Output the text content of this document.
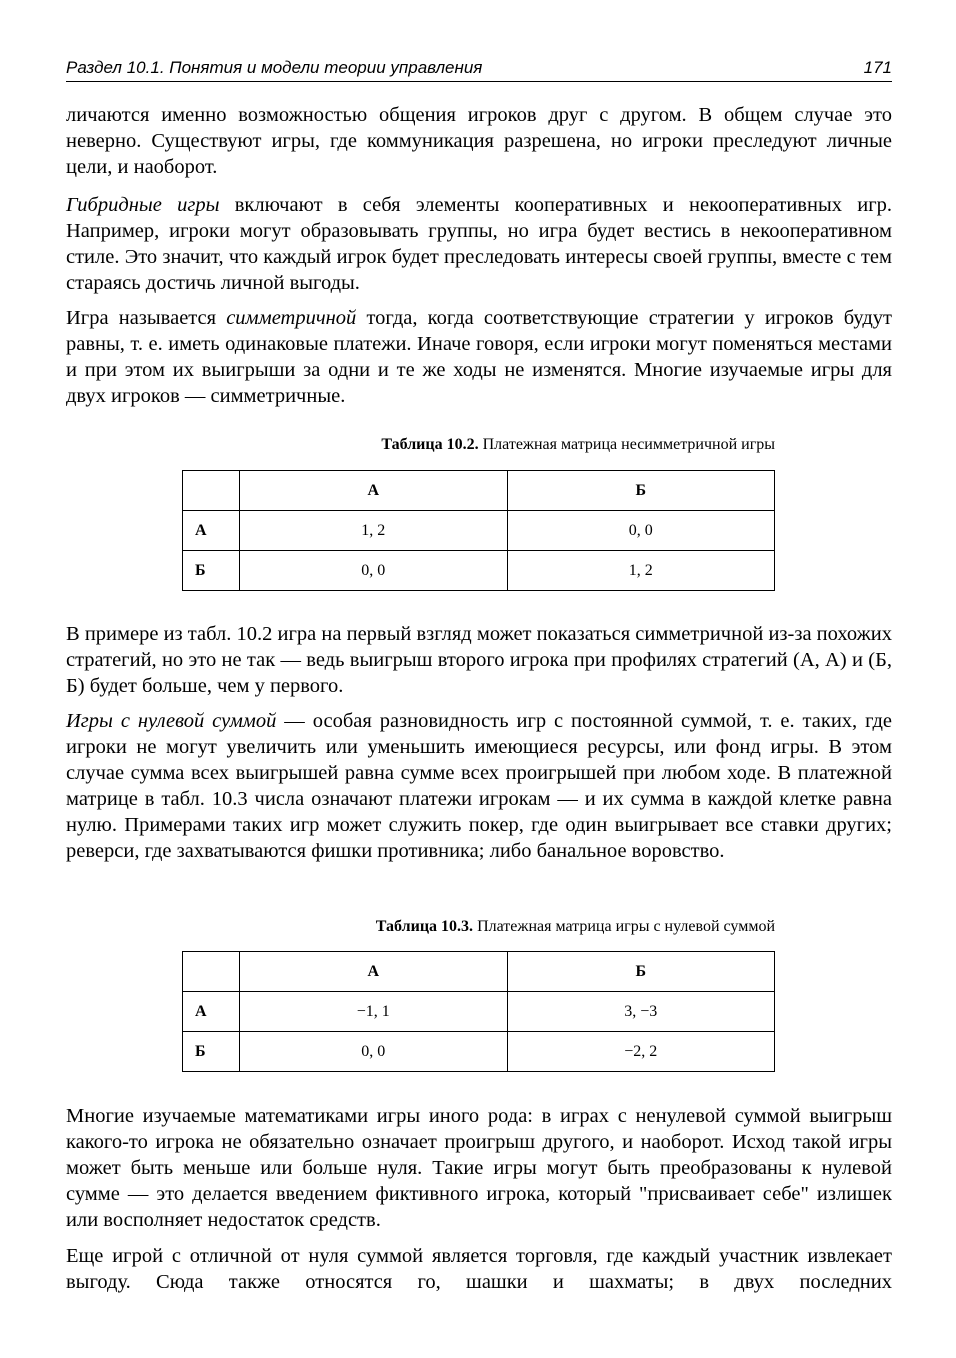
Раздел 10.1. Понятия и модели теории управления	171

личаются именно возможностью общения игроков друг с другом. В общем случае это неверно. Существуют игры, где коммуникация разрешена, но игроки преследуют личные цели, и наоборот.

Гибридные игры включают в себя элементы кооперативных и некооперативных игр. Например, игроки могут образовывать группы, но игра будет вестись в некооперативном стиле. Это значит, что каждый игрок будет преследовать интересы своей группы, вместе с тем стараясь достичь личной выгоды.

Игра называется симметричной тогда, когда соответствующие стратегии у игроков будут равны, т. е. иметь одинаковые платежи. Иначе говоря, если игроки могут поменяться местами и при этом их выигрыши за одни и те же ходы не изменятся. Многие изучаемые игры для двух игроков — симметричные.

Таблица 10.2. Платежная матрица несимметричной игры
	А	Б
А	1, 2	0, 0
Б	0, 0	1, 2

В примере из табл. 10.2 игра на первый взгляд может показаться симметричной из-за похожих стратегий, но это не так — ведь выигрыш второго игрока при профилях стратегий (А, А) и (Б, Б) будет больше, чем у первого.

Игры с нулевой суммой — особая разновидность игр с постоянной суммой, т. е. таких, где игроки не могут увеличить или уменьшить имеющиеся ресурсы, или фонд игры. В этом случае сумма всех выигрышей равна сумме всех проигрышей при любом ходе. В платежной матрице в табл. 10.3 числа означают платежи игрокам — и их сумма в каждой клетке равна нулю. Примерами таких игр может служить покер, где один выигрывает все ставки других; реверси, где захватываются фишки противника; либо банальное воровство.

Таблица 10.3. Платежная матрица игры с нулевой суммой
	А	Б
А	−1, 1	3, −3
Б	0, 0	−2, 2

Многие изучаемые математиками игры иного рода: в играх с ненулевой суммой выигрыш какого-то игрока не обязательно означает проигрыш другого, и наоборот. Исход такой игры может быть меньше или больше нуля. Такие игры могут быть преобразованы к нулевой сумме — это делается введением фиктивного игрока, который "присваивает себе" излишек или восполняет недостаток средств.

Еще игрой с отличной от нуля суммой является торговля, где каждый участник извлекает выгоду. Сюда также относятся го, шашки и шахматы; в двух последних
